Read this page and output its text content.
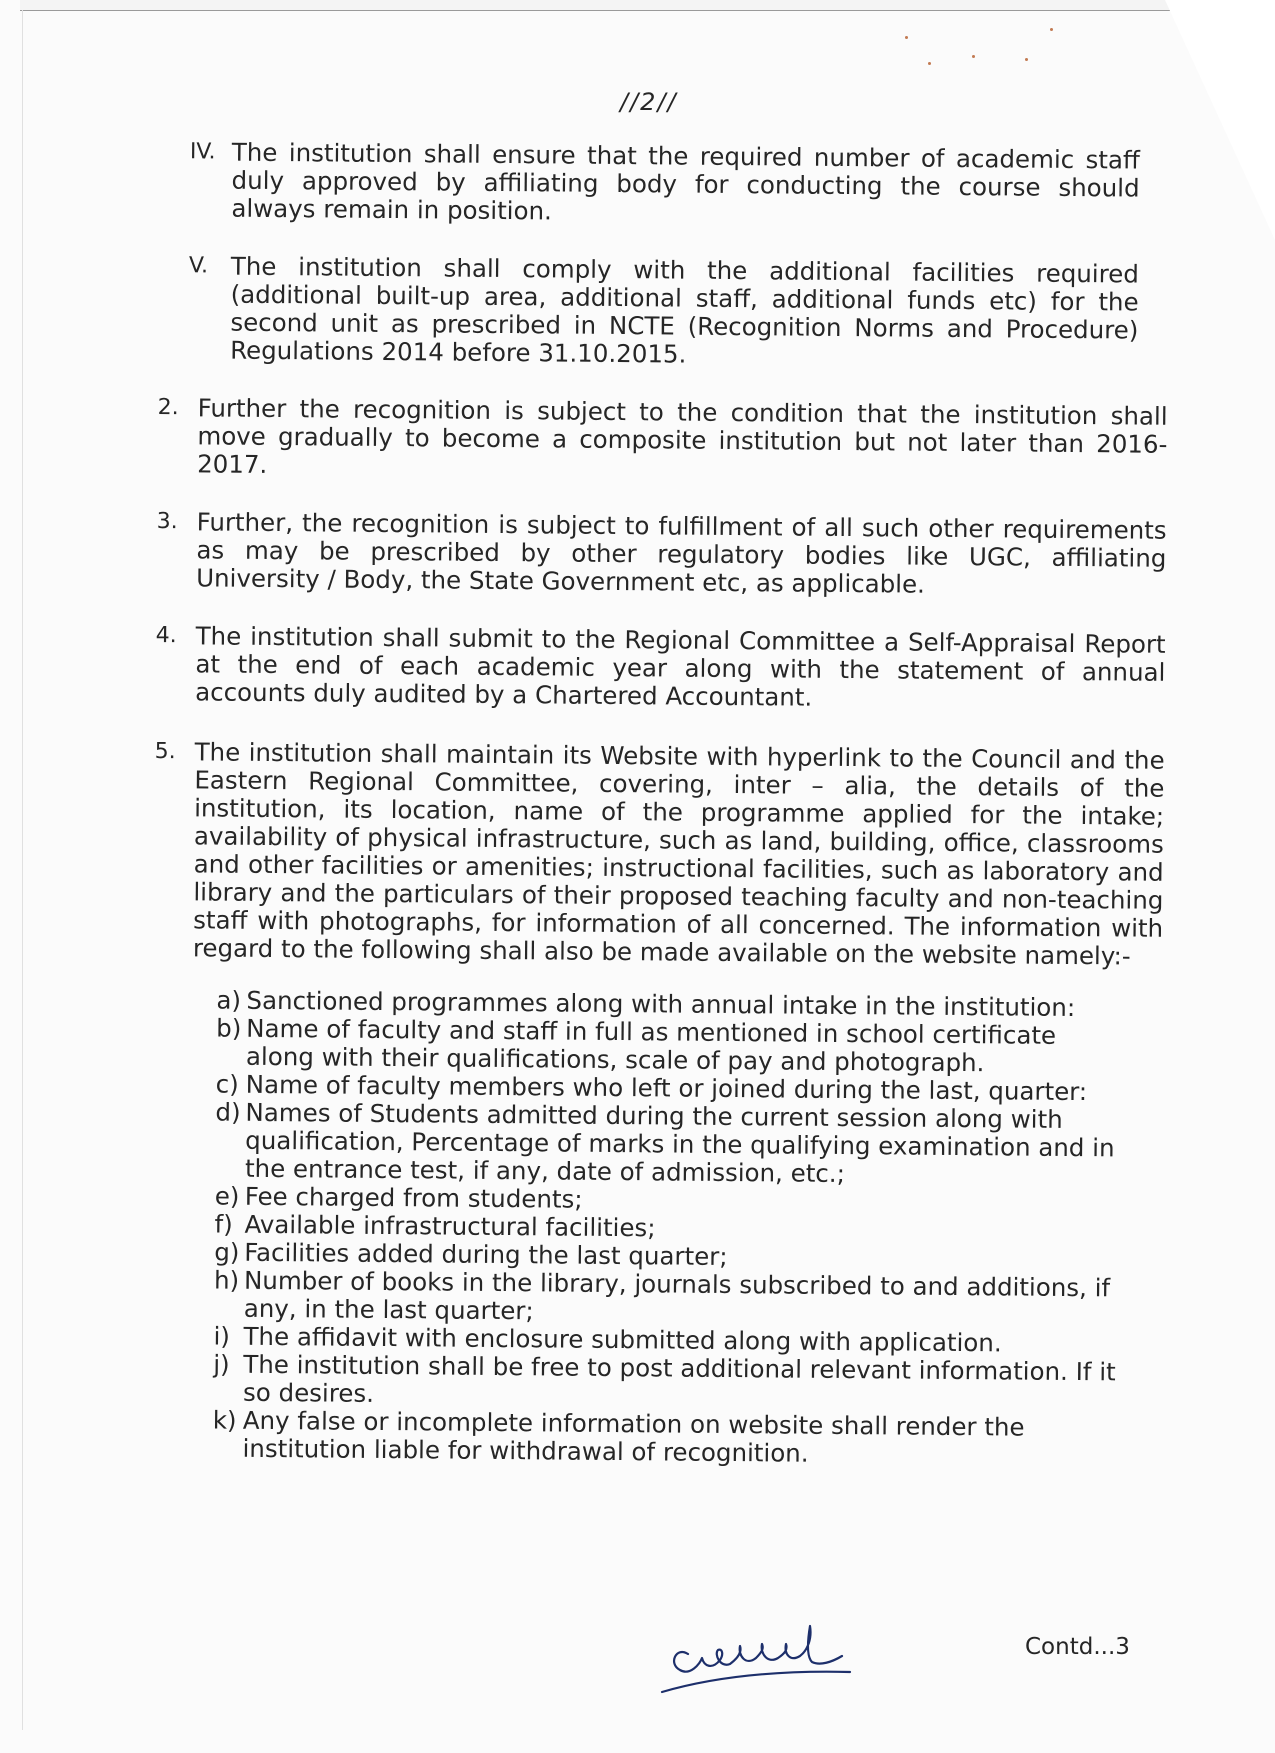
//2//
IV. The institution shall ensure that the required number of academic staff duly approved by affiliating body for conducting the course should always remain in position.
V. The institution shall comply with the additional facilities required (additional built-up area, additional staff, additional funds etc) for the second unit as prescribed in NCTE (Recognition Norms and Procedure) Regulations 2014 before 31.10.2015.
2. Further the recognition is subject to the condition that the institution shall move gradually to become a composite institution but not later than 2016-2017.
3. Further, the recognition is subject to fulfillment of all such other requirements as may be prescribed by other regulatory bodies like UGC, affiliating University / Body, the State Government etc, as applicable.
4. The institution shall submit to the Regional Committee a Self-Appraisal Report at the end of each academic year along with the statement of annual accounts duly audited by a Chartered Accountant.
5. The institution shall maintain its Website with hyperlink to the Council and the Eastern Regional Committee, covering, inter – alia, the details of the institution, its location, name of the programme applied for the intake; availability of physical infrastructure, such as land, building, office, classrooms and other facilities or amenities; instructional facilities, such as laboratory and library and the particulars of their proposed teaching faculty and non-teaching staff with photographs, for information of all concerned. The information with regard to the following shall also be made available on the website namely:-
a) Sanctioned programmes along with annual intake in the institution:
b) Name of faculty and staff in full as mentioned in school certificate along with their qualifications, scale of pay and photograph.
c) Name of faculty members who left or joined during the last, quarter:
d) Names of Students admitted during the current session along with qualification, Percentage of marks in the qualifying examination and in the entrance test, if any, date of admission, etc.;
e) Fee charged from students;
f) Available infrastructural facilities;
g) Facilities added during the last quarter;
h) Number of books in the library, journals subscribed to and additions, if any, in the last quarter;
i) The affidavit with enclosure submitted along with application.
j) The institution shall be free to post additional relevant information. If it so desires.
k) Any false or incomplete information on website shall render the institution liable for withdrawal of recognition.
Contd...3
